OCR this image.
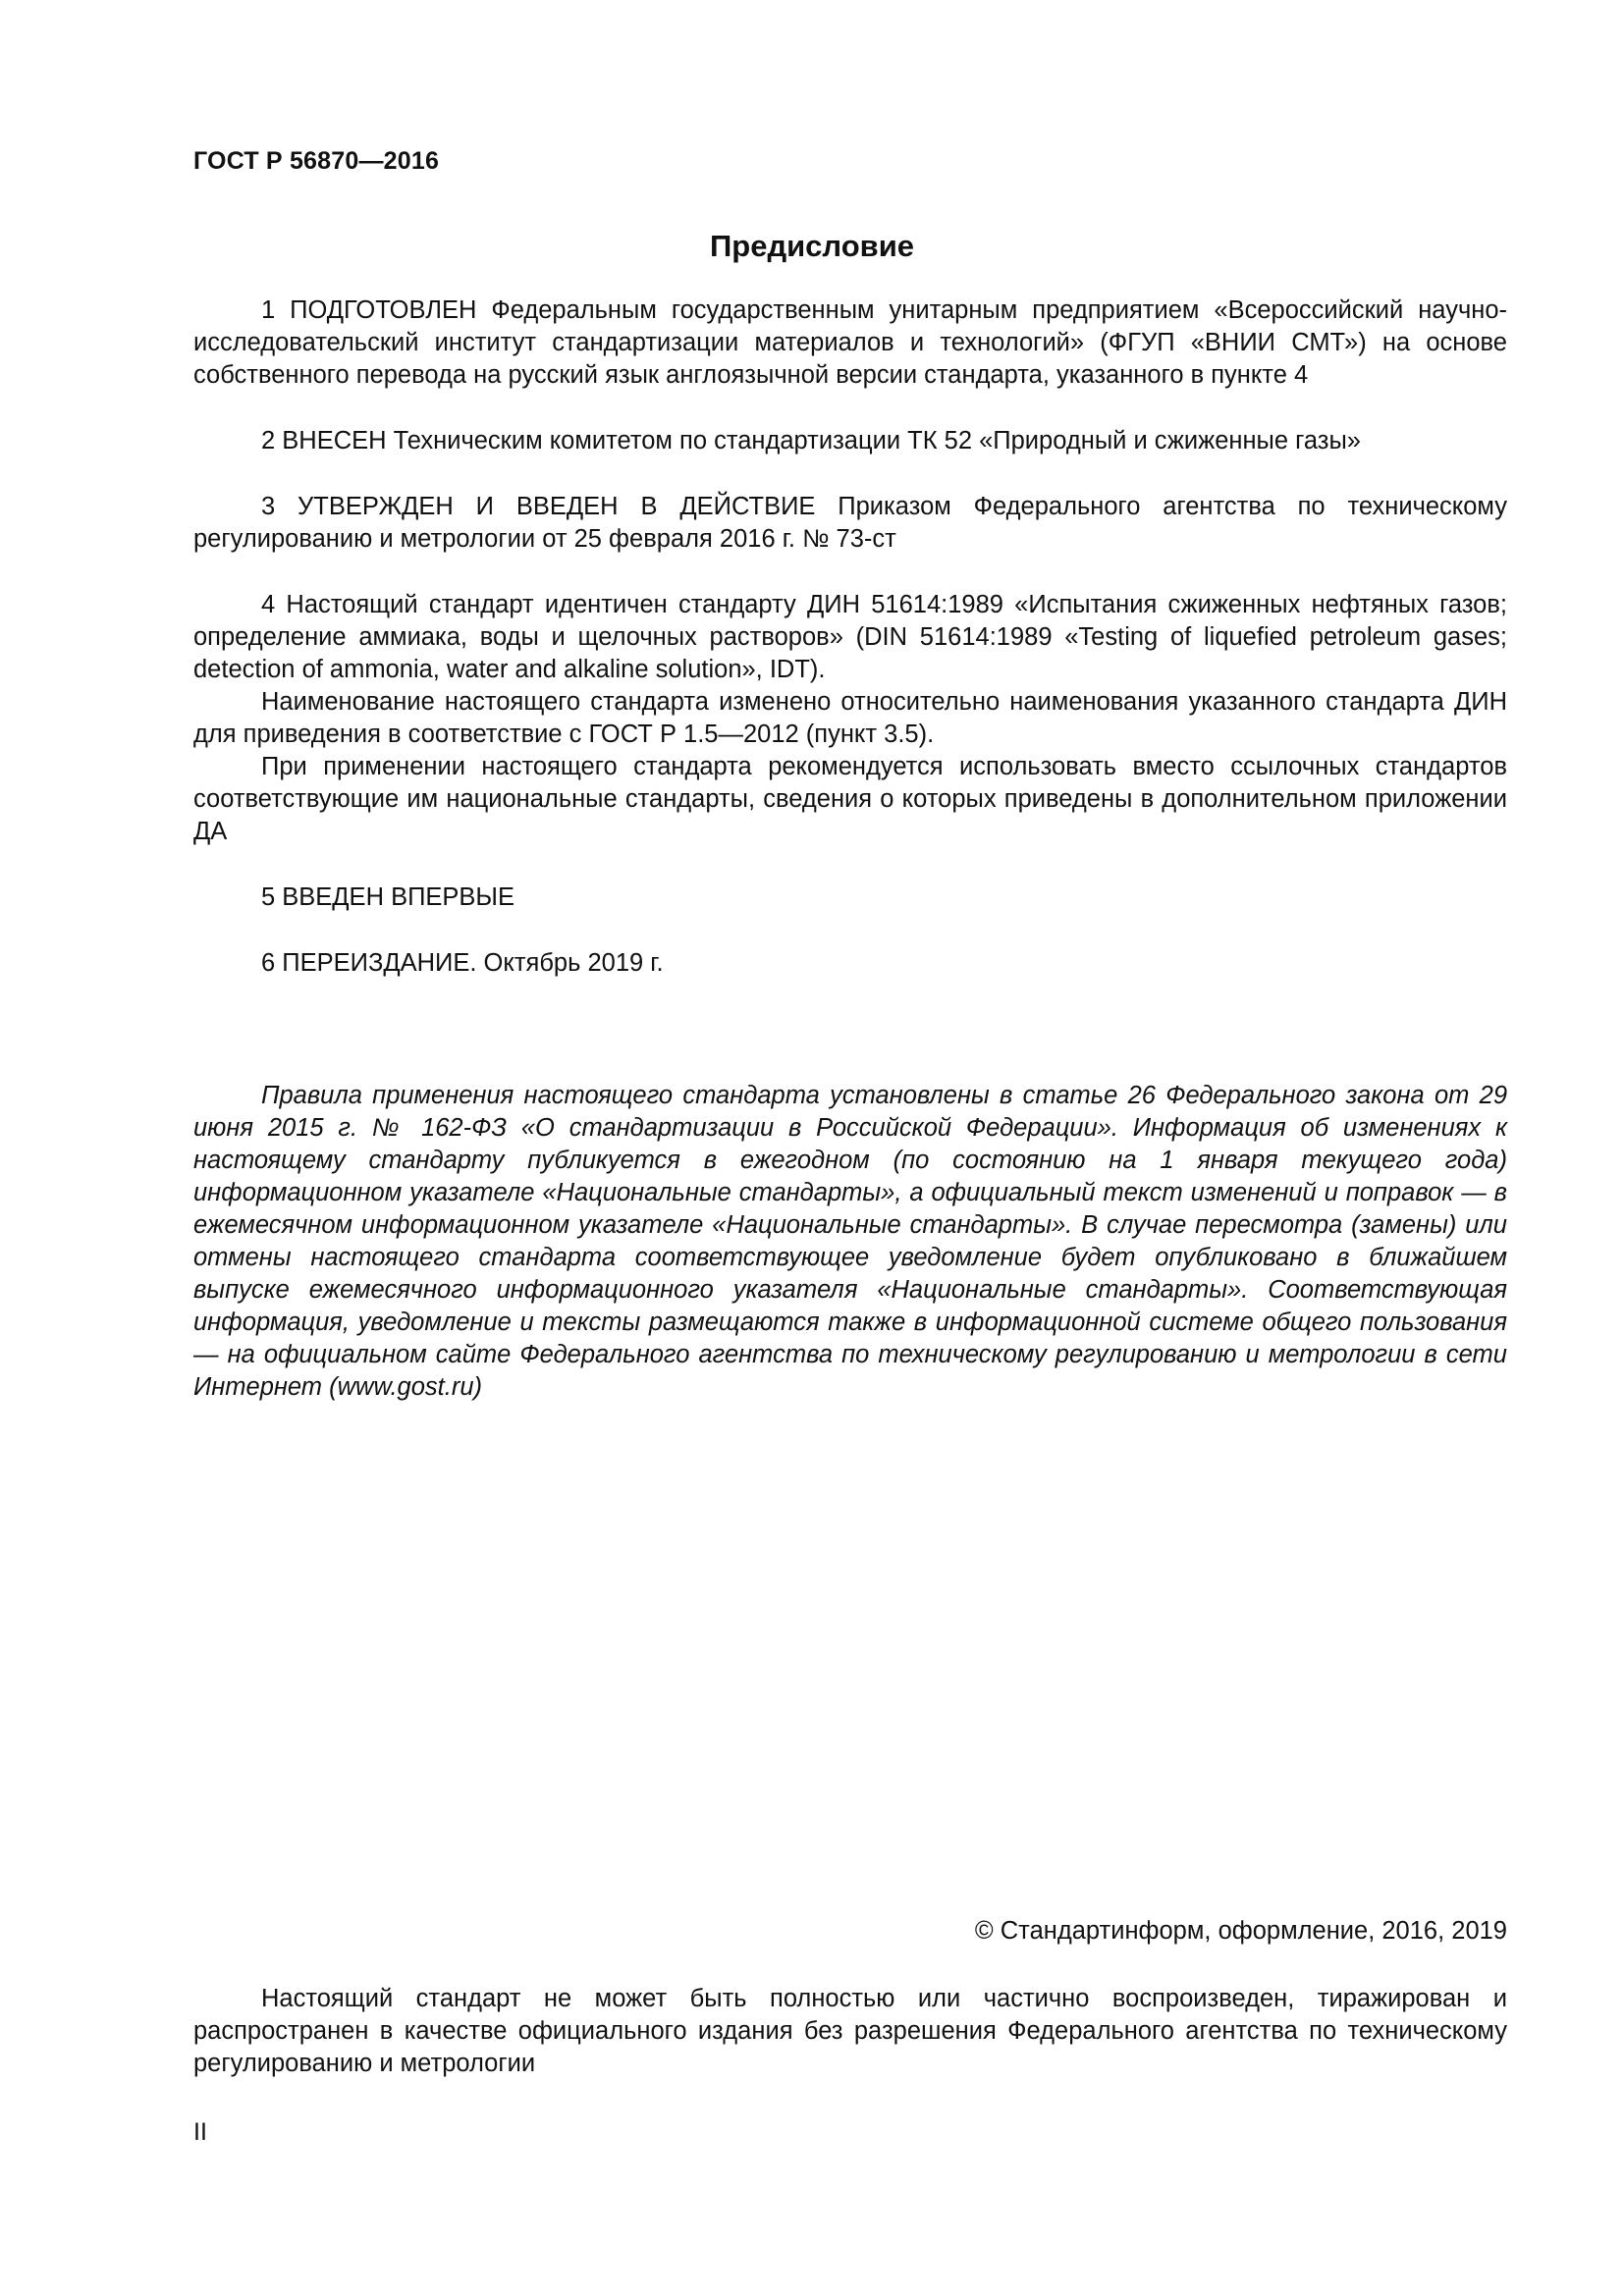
ГОСТ Р 56870—2016
Предисловие

1 ПОДГОТОВЛЕН Федеральным государственным унитарным предприятием «Всероссийский научно-исследовательский институт стандартизации материалов и технологий» (ФГУП «ВНИИ СМТ») на основе собственного перевода на русский язык англоязычной версии стандарта, указанного в пункте 4

2 ВНЕСЕН Техническим комитетом по стандартизации ТК 52 «Природный и сжиженные газы»

3 УТВЕРЖДЕН И ВВЕДЕН В ДЕЙСТВИЕ Приказом Федерального агентства по техническому регулированию и метрологии от 25 февраля 2016 г. № 73-ст

4 Настоящий стандарт идентичен стандарту ДИН 51614:1989 «Испытания сжиженных нефтяных газов; определение аммиака, воды и щелочных растворов» (DIN 51614:1989 «Testing of liquefied petroleum gases; detection of ammonia, water and alkaline solution», IDT).

Наименование настоящего стандарта изменено относительно наименования указанного стандарта ДИН для приведения в соответствие с ГОСТ Р 1.5—2012 (пункт 3.5).

При применении настоящего стандарта рекомендуется использовать вместо ссылочных стандартов соответствующие им национальные стандарты, сведения о которых приведены в дополнительном приложении ДА

5 ВВЕДЕН ВПЕРВЫЕ

6 ПЕРЕИЗДАНИЕ. Октябрь 2019 г.

Правила применения настоящего стандарта установлены в статье 26 Федерального закона от 29 июня 2015 г. № 162-ФЗ «О стандартизации в Российской Федерации». Информация об изменениях к настоящему стандарту публикуется в ежегодном (по состоянию на 1 января текущего года) информационном указателе «Национальные стандарты», а официальный текст изменений и поправок — в ежемесячном информационном указателе «Национальные стандарты». В случае пересмотра (замены) или отмены настоящего стандарта соответствующее уведомление будет опубликовано в ближайшем выпуске ежемесячного информационного указателя «Национальные стандарты». Соответствующая информация, уведомление и тексты размещаются также в информационной системе общего пользования — на официальном сайте Федерального агентства по техническому регулированию и метрологии в сети Интернет (www.gost.ru)

© Стандартинформ, оформление, 2016, 2019

Настоящий стандарт не может быть полностью или частично воспроизведен, тиражирован и распространен в качестве официального издания без разрешения Федерального агентства по техническому регулированию и метрологии

II
